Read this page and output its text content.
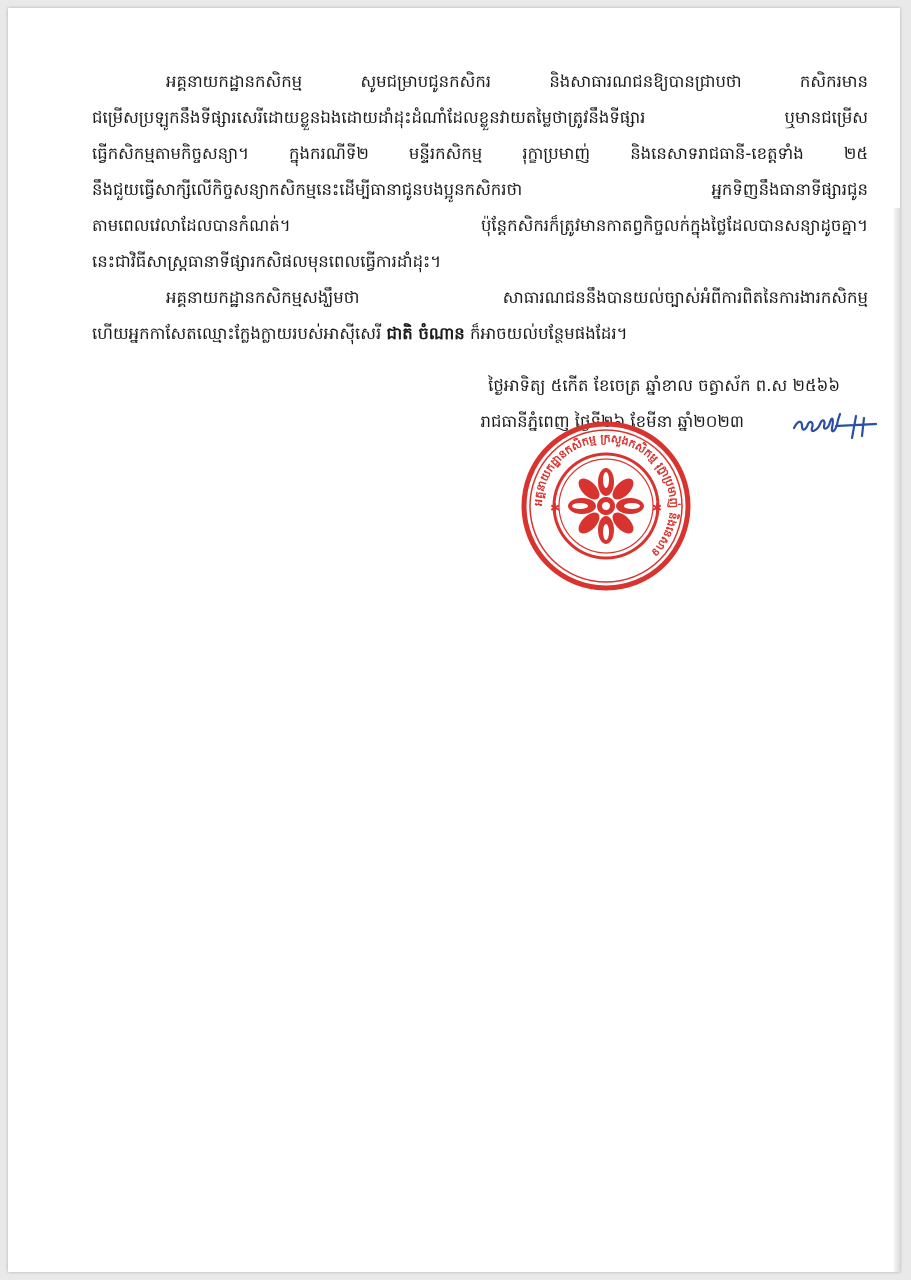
អគ្គនាយកដ្ឋានកសិកម្ម សូមជម្រាបជូនកសិករ និងសាធារណជនឱ្យបានជ្រាបថា កសិករមាន
ជម្រើសប្រឡូកនឹងទីផ្សារសេរីដោយខ្លួនឯងដោយដាំដុះដំណាំដែលខ្លួនវាយតម្លៃថាត្រូវនឹងទីផ្សារ ឬមានជម្រើស
ធ្វើកសិកម្មតាមកិច្ចសន្យា។ ក្នុងករណីទី២ មន្ទីរកសិកម្ម រុក្ខាប្រមាញ់ និងនេសាទរាជធានី-ខេត្តទាំង ២៥
នឹងជួយធ្វើសាក្សីលើកិច្ចសន្យាកសិកម្មនេះដើម្បីធានាជូនបងប្អូនកសិករថា អ្នកទិញនឹងធានាទីផ្សារជូន
តាមពេលវេលាដែលបានកំណត់។ ប៉ុន្តែកសិករក៏ត្រូវមានកាតព្វកិច្ចលក់ក្នុងថ្លៃដែលបានសន្យាដូចគ្នា។
នេះជាវិធីសាស្ត្រធានាទីផ្សារកសិផលមុនពេលធ្វើការដាំដុះ។
អគ្គនាយកដ្ឋានកសិកម្មសង្ឃឹមថា សាធារណជននឹងបានយល់ច្បាស់អំពីការពិតនៃការងារកសិកម្ម
ហើយអ្នកកាសែតឈ្មោះក្លែងក្លាយរបស់អាស៊ីសេរី ជាតិ ចំណាន ក៏អាចយល់បន្ថែមផងដែរ។
ថ្ងៃអាទិត្យ ៥កើត ខែចេត្រ ឆ្នាំខាល ចត្វាស័ក ព.ស ២៥៦៦
រាជធានីភ្នំពេញ ថ្ងៃទី២៦ ខែមីនា ឆ្នាំ២០២៣
អគ្គនាយកដ្ឋានកសិកម្ម ក្រសួងកសិកម្ម រុក្ខាប្រមាញ់ និងនេសាទ
✱	✱
